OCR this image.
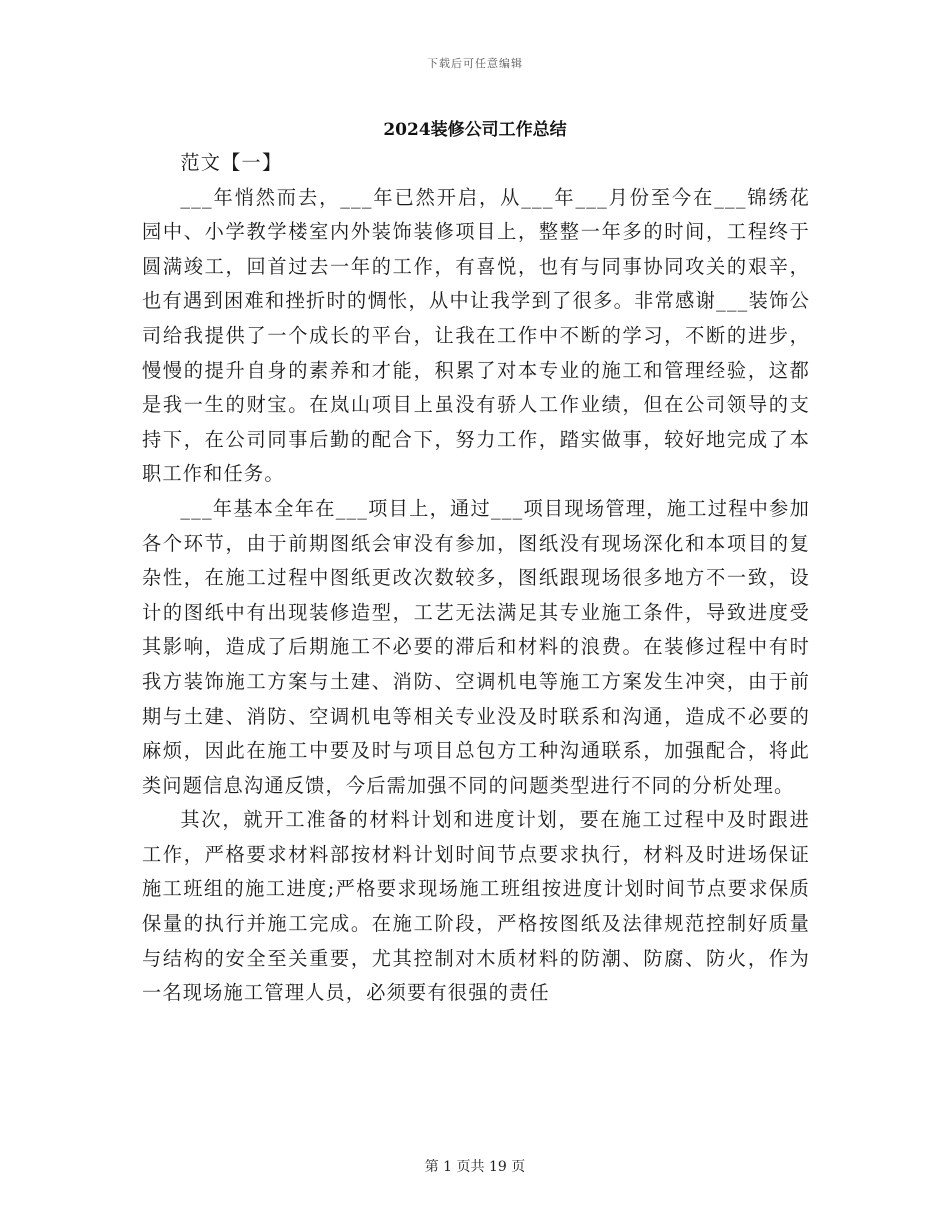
下载后可任意编辑
2024装修公司工作总结

范文【一】

___年悄然而去，___年已然开启，从___年___月份至今在___锦绣花园中、小学教学楼室内外装饰装修项目上，整整一年多的时间，工程终于圆满竣工，回首过去一年的工作，有喜悦，也有与同事协同攻关的艰辛，也有遇到困难和挫折时的惆怅，从中让我学到了很多。非常感谢___装饰公司给我提供了一个成长的平台，让我在工作中不断的学习，不断的进步，慢慢的提升自身的素养和才能，积累了对本专业的施工和管理经验，这都是我一生的财宝。在岚山项目上虽没有骄人工作业绩，但在公司领导的支持下，在公司同事后勤的配合下，努力工作，踏实做事，较好地完成了本职工作和任务。

___年基本全年在___项目上，通过___项目现场管理，施工过程中参加各个环节，由于前期图纸会审没有参加，图纸没有现场深化和本项目的复杂性，在施工过程中图纸更改次数较多，图纸跟现场很多地方不一致，设计的图纸中有出现装修造型，工艺无法满足其专业施工条件，导致进度受其影响，造成了后期施工不必要的滞后和材料的浪费。在装修过程中有时我方装饰施工方案与土建、消防、空调机电等施工方案发生冲突，由于前期与土建、消防、空调机电等相关专业没及时联系和沟通，造成不必要的麻烦，因此在施工中要及时与项目总包方工种沟通联系，加强配合，将此类问题信息沟通反馈，今后需加强不同的问题类型进行不同的分析处理。

其次，就开工准备的材料计划和进度计划，要在施工过程中及时跟进工作，严格要求材料部按材料计划时间节点要求执行，材料及时进场保证施工班组的施工进度;严格要求现场施工班组按进度计划时间节点要求保质保量的执行并施工完成。在施工阶段，严格按图纸及法律规范控制好质量与结构的安全至关重要，尤其控制对木质材料的防潮、防腐、防火，作为一名现场施工管理人员，必须要有很强的责任

第 1 页共 19 页
